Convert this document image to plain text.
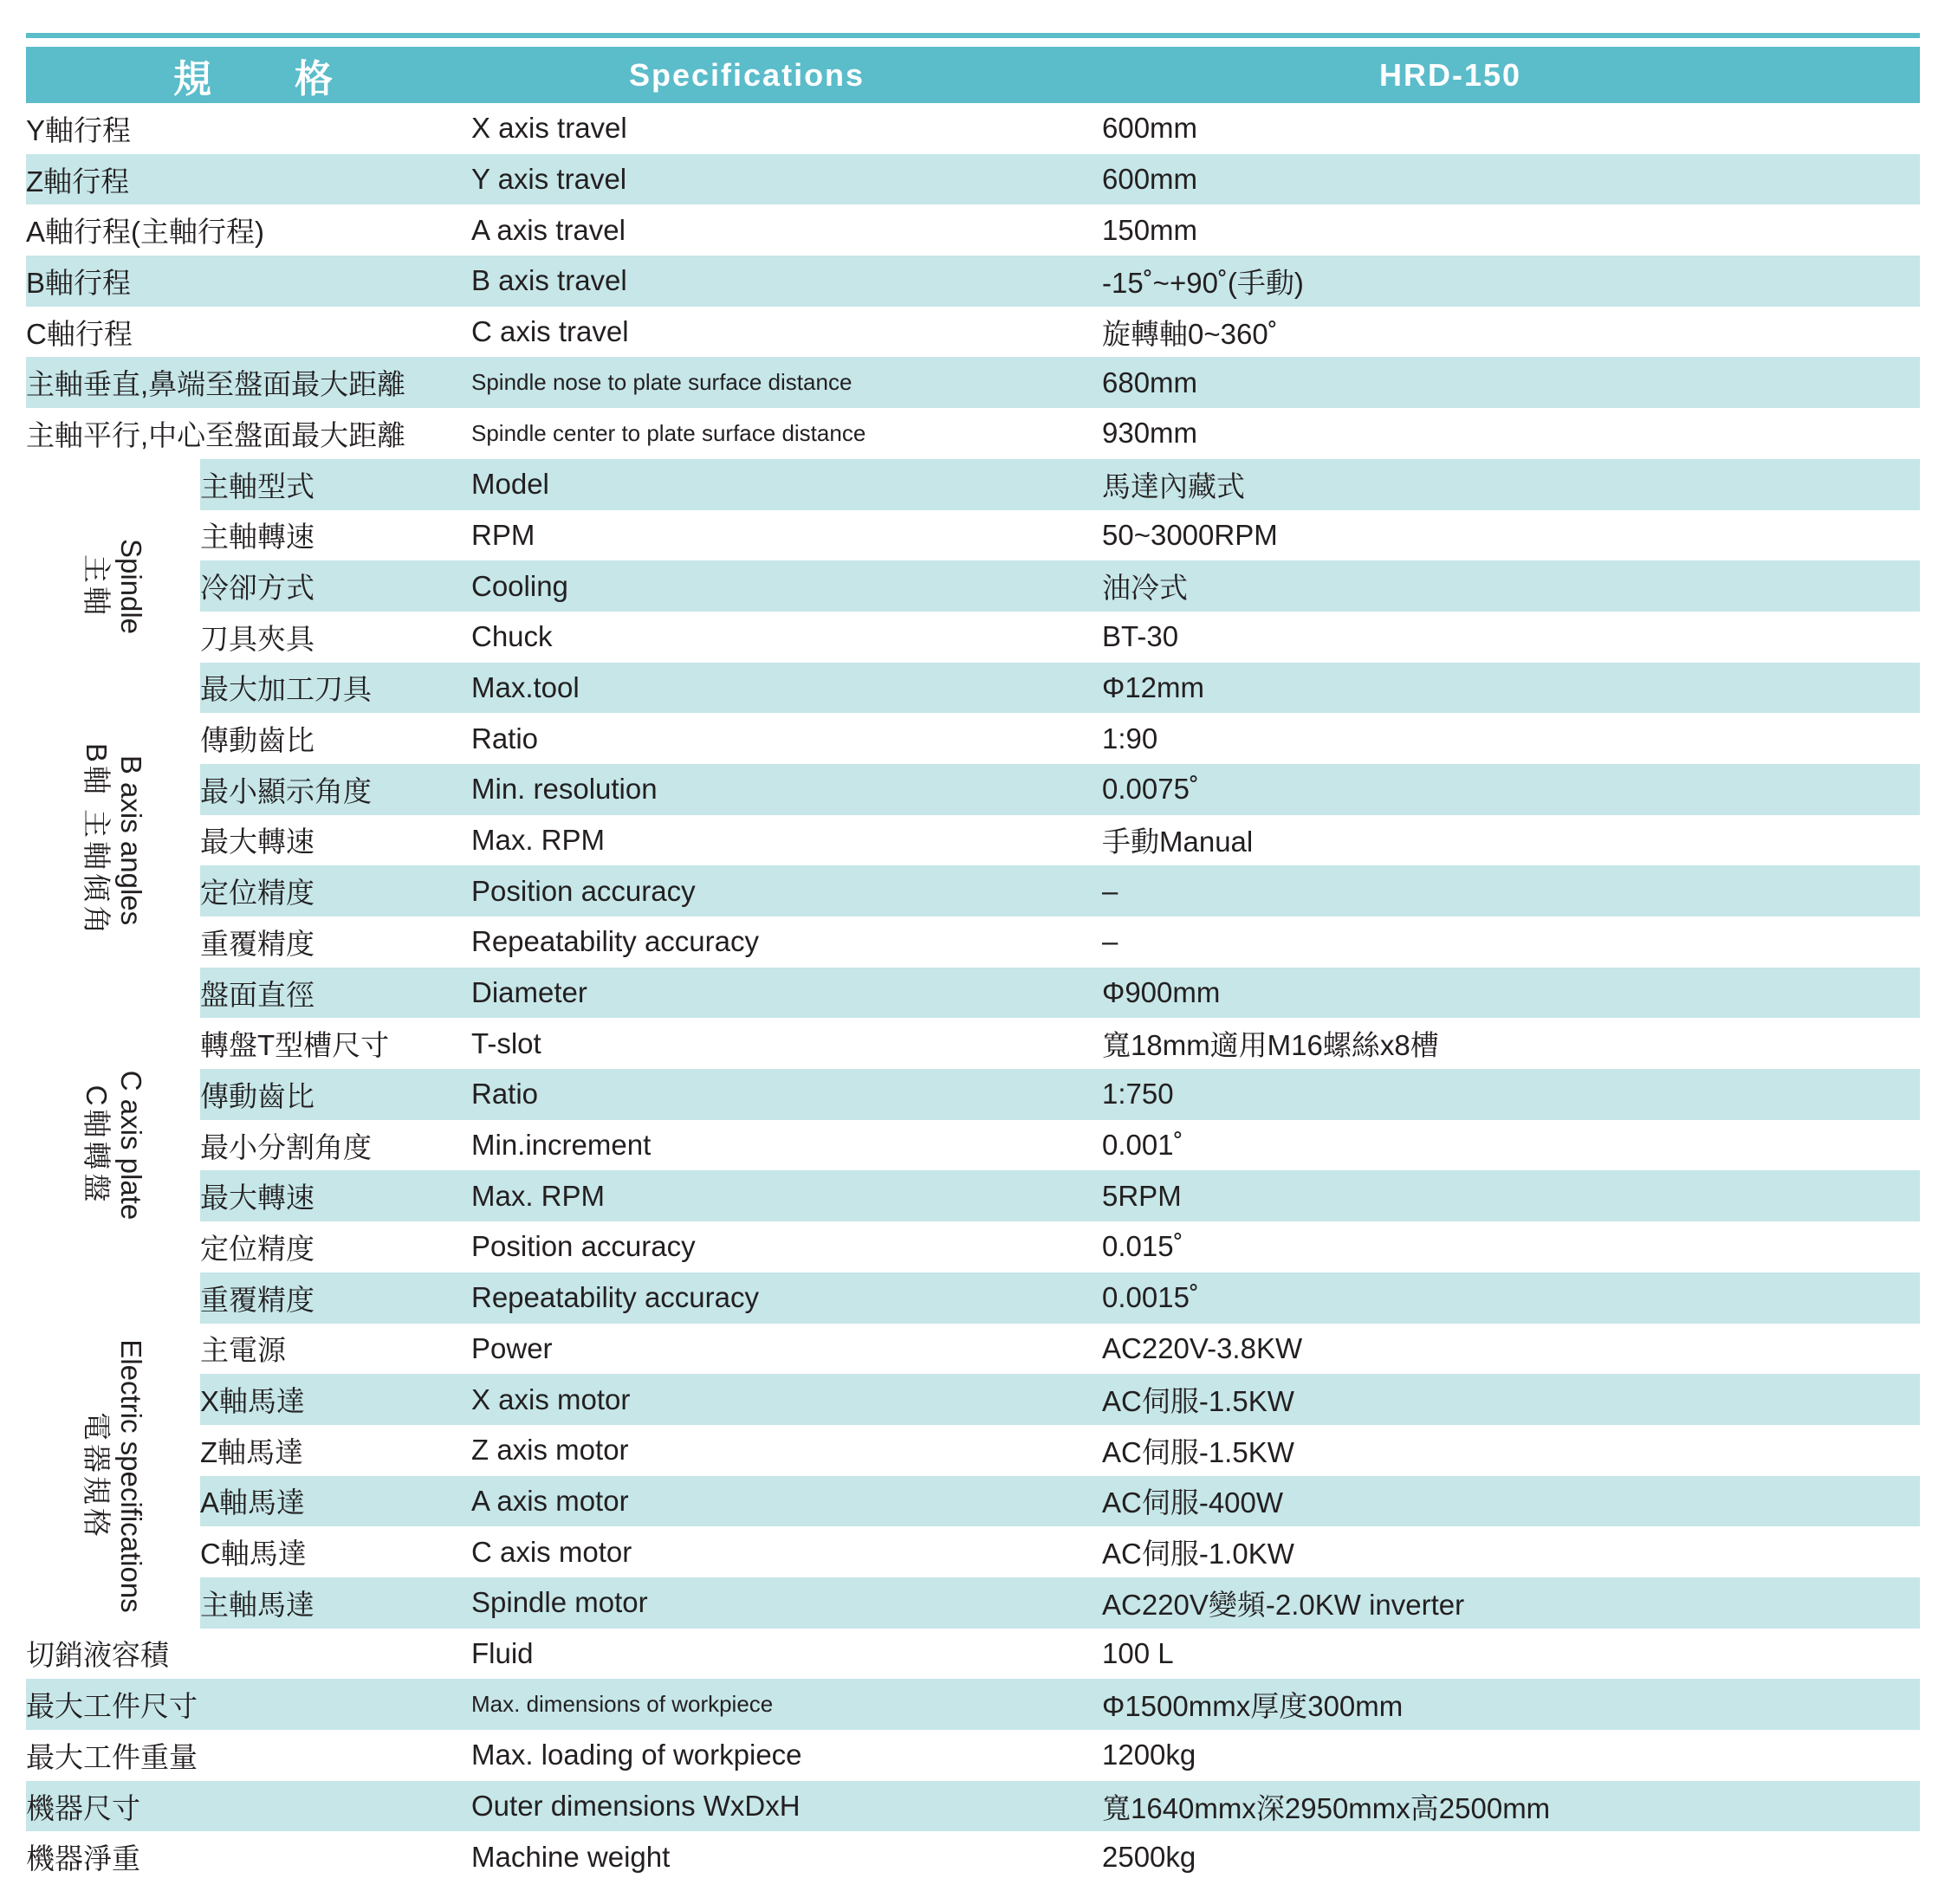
規 格		Specifications	HRD-150
Y軸行程		X axis travel	600mm
Z軸行程		Y axis travel	600mm
A軸行程(主軸行程)		A axis travel	150mm
B軸行程		B axis travel	-15˚~+90˚(手動)
C軸行程		C axis travel	旋轉軸0~360˚
主軸垂直,鼻端至盤面最大距離		Spindle nose to plate surface distance	680mm
主軸平行,中心至盤面最大距離		Spindle center to plate surface distance	930mm

Spindle
主軸	主軸型式	Model	馬達內藏式
	主軸轉速	RPM	50~3000RPM
	冷卻方式	Cooling	油冷式
	刀具夾具	Chuck	BT-30
	最大加工刀具	Max.tool	Φ12mm

B axis angles
B軸 主軸傾角	傳動齒比	Ratio	1:90
	最小顯示角度	Min. resolution	0.0075˚
	最大轉速	Max. RPM	手動Manual
	定位精度	Position accuracy	–
	重覆精度	Repeatability accuracy	–

C axis plate
C軸轉盤	盤面直徑	Diameter	Φ900mm
	轉盤T型槽尺寸	T-slot	寬18mm適用M16螺絲x8槽
	傳動齒比	Ratio	1:750
	最小分割角度	Min.increment	0.001˚
	最大轉速	Max. RPM	5RPM
	定位精度	Position accuracy	0.015˚
	重覆精度	Repeatability accuracy	0.0015˚

Electric specifications
電器規格	主電源	Power	AC220V-3.8KW
	X軸馬達	X axis motor	AC伺服-1.5KW
	Z軸馬達	Z axis motor	AC伺服-1.5KW
	A軸馬達	A axis motor	AC伺服-400W
	C軸馬達	C axis motor	AC伺服-1.0KW
	主軸馬達	Spindle motor	AC220V變頻-2.0KW inverter
切銷液容積		Fluid	100 L
最大工件尺寸		Max. dimensions of workpiece	Φ1500mmx厚度300mm
最大工件重量		Max. loading of workpiece	1200kg
機器尺寸		Outer dimensions WxDxH	寬1640mmx深2950mmx高2500mm
機器淨重		Machine weight	2500kg
